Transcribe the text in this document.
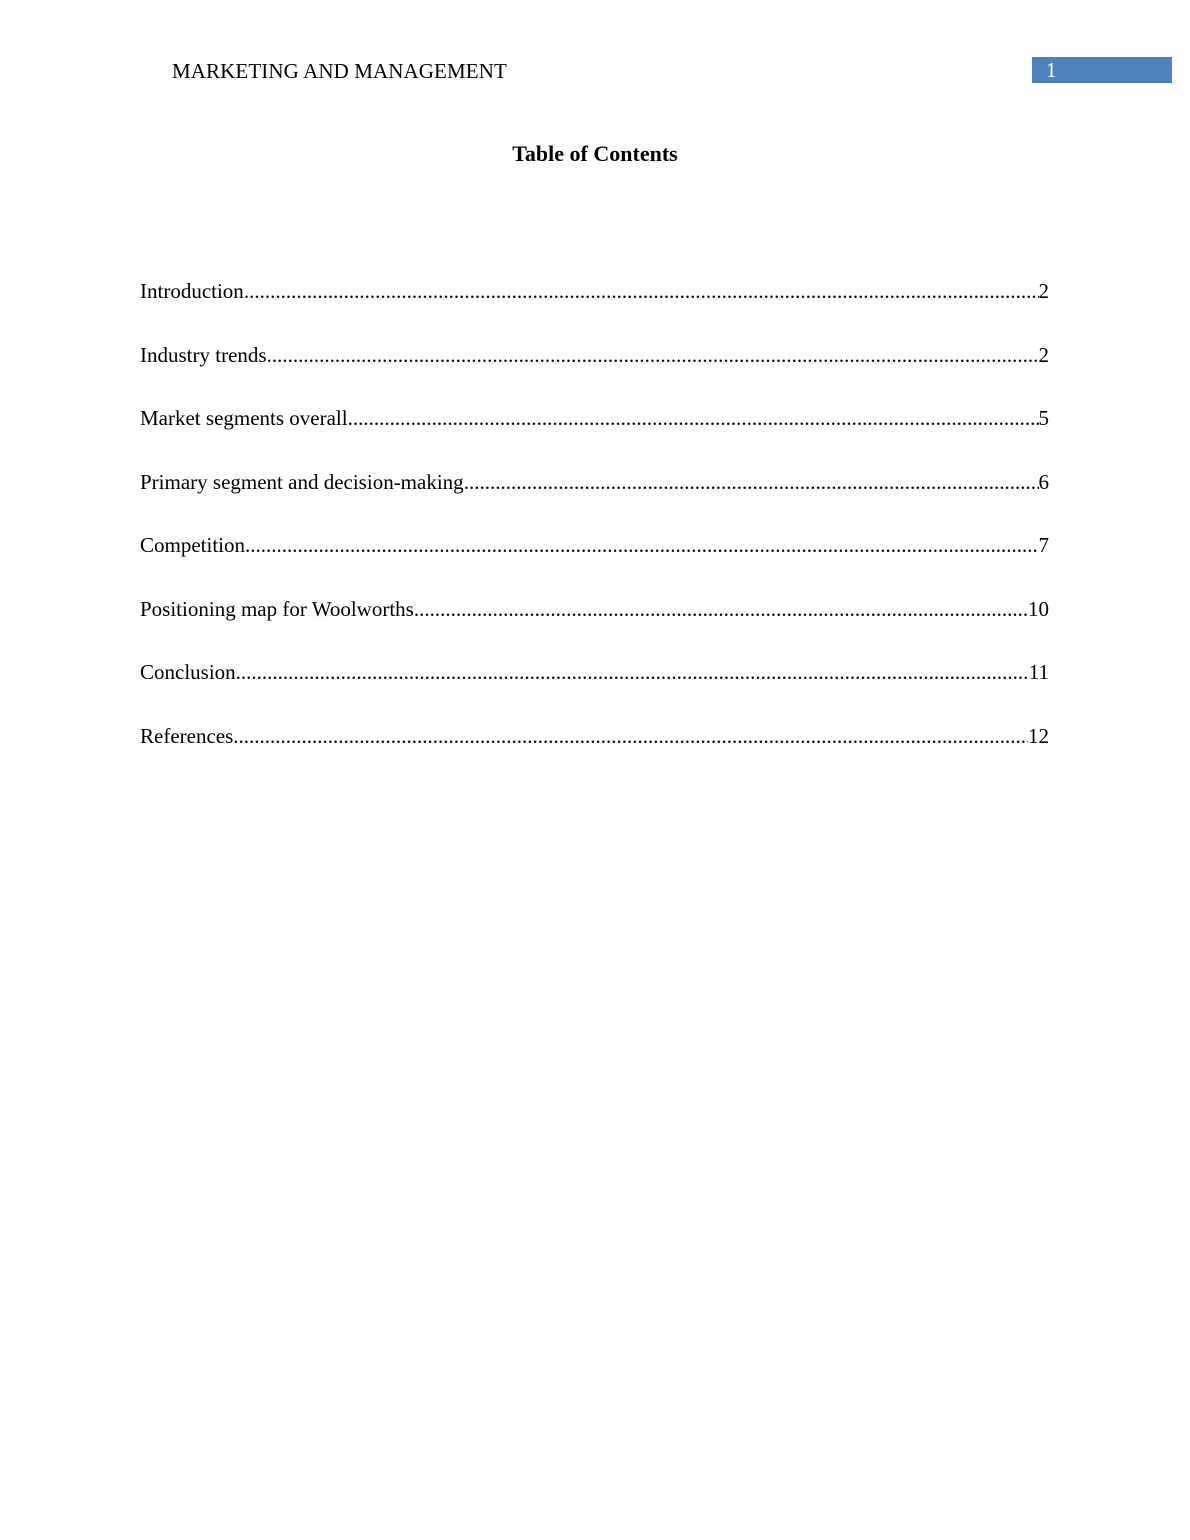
MARKETING AND MANAGEMENT	1
Table of Contents
Introduction .....	2
Industry trends .....	2
Market segments overall .....	5
Primary segment and decision-making .....	6
Competition .....	7
Positioning map for Woolworths .....	10
Conclusion .....	11
References .....	12
